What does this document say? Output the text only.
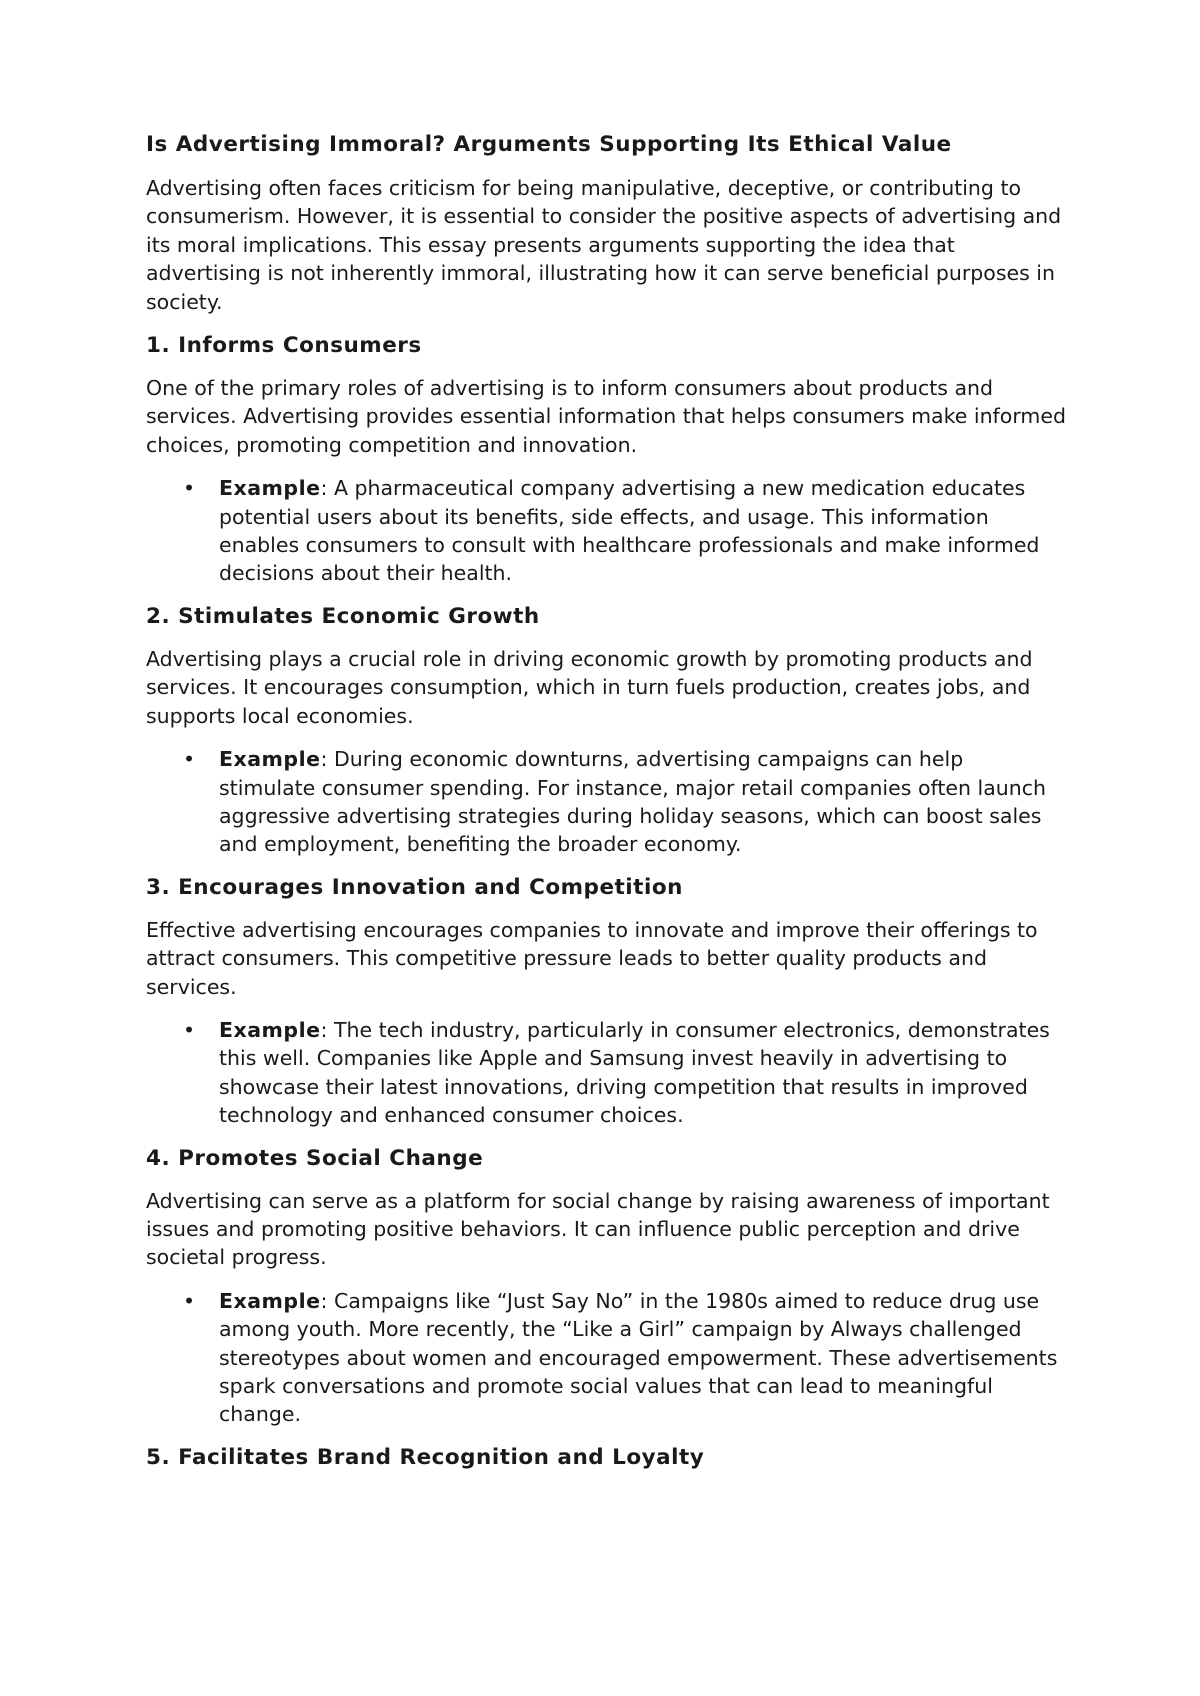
Is Advertising Immoral? Arguments Supporting Its Ethical Value

Advertising often faces criticism for being manipulative, deceptive, or contributing to consumerism. However, it is essential to consider the positive aspects of advertising and its moral implications. This essay presents arguments supporting the idea that advertising is not inherently immoral, illustrating how it can serve beneficial purposes in society.

1. Informs Consumers

One of the primary roles of advertising is to inform consumers about products and services. Advertising provides essential information that helps consumers make informed choices, promoting competition and innovation.

• Example: A pharmaceutical company advertising a new medication educates potential users about its benefits, side effects, and usage. This information enables consumers to consult with healthcare professionals and make informed decisions about their health.
2. Stimulates Economic Growth

Advertising plays a crucial role in driving economic growth by promoting products and services. It encourages consumption, which in turn fuels production, creates jobs, and supports local economies.

• Example: During economic downturns, advertising campaigns can help stimulate consumer spending. For instance, major retail companies often launch aggressive advertising strategies during holiday seasons, which can boost sales and employment, benefiting the broader economy.
3. Encourages Innovation and Competition

Effective advertising encourages companies to innovate and improve their offerings to attract consumers. This competitive pressure leads to better quality products and services.

• Example: The tech industry, particularly in consumer electronics, demonstrates this well. Companies like Apple and Samsung invest heavily in advertising to showcase their latest innovations, driving competition that results in improved technology and enhanced consumer choices.
4. Promotes Social Change

Advertising can serve as a platform for social change by raising awareness of important issues and promoting positive behaviors. It can influence public perception and drive societal progress.

• Example: Campaigns like “Just Say No” in the 1980s aimed to reduce drug use among youth. More recently, the “Like a Girl” campaign by Always challenged stereotypes about women and encouraged empowerment. These advertisements spark conversations and promote social values that can lead to meaningful change.
5. Facilitates Brand Recognition and Loyalty
